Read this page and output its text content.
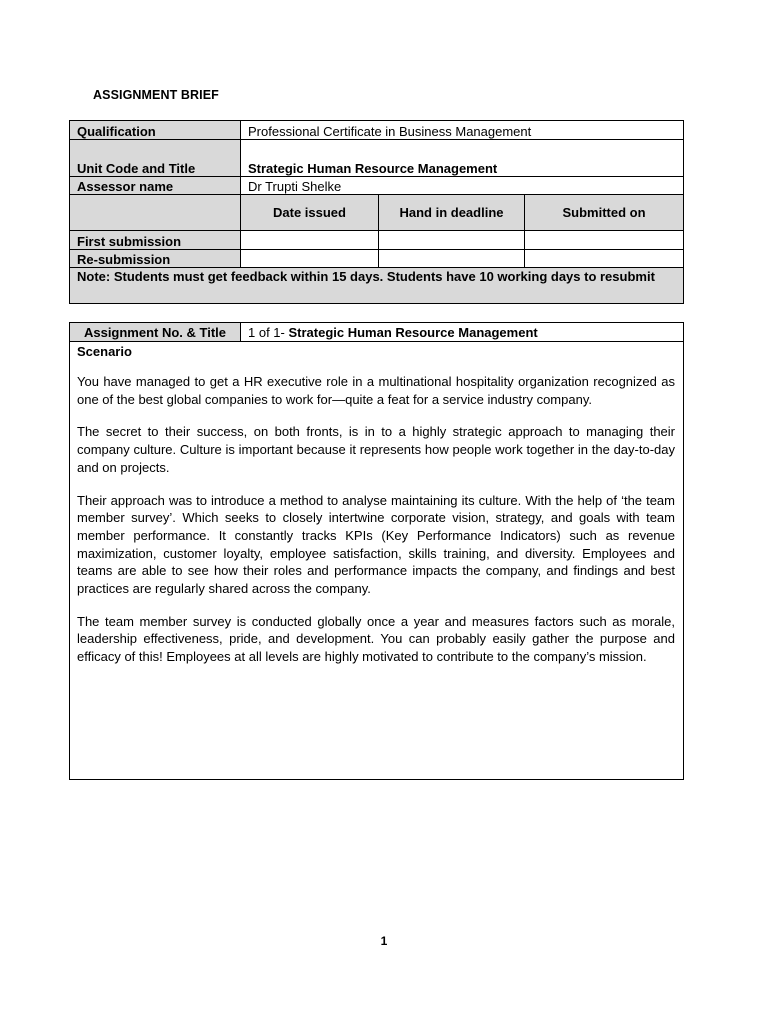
ASSIGNMENT BRIEF
Qualification	Professional Certificate in Business Management		
Unit Code and Title	Strategic Human Resource Management		
Assessor name	Dr Trupti Shelke		
	Date issued	Hand in deadline	Submitted on
First submission			
Re-submission			
Note: Students must get feedback within 15 days. Students have 10 working days to resubmit			
Assignment No. & Title	1 of 1- Strategic Human Resource Management

Scenario

You have managed to get a HR executive role in a multinational hospitality organization recognized as one of the best global companies to work for—quite a feat for a service industry company.

The secret to their success, on both fronts, is in to a highly strategic approach to managing their company culture. Culture is important because it represents how people work together in the day-to-day and on projects.

Their approach was to introduce a method to analyse maintaining its culture. With the help of ‘the team member survey’. Which seeks to closely intertwine corporate vision, strategy, and goals with team member performance. It constantly tracks KPIs (Key Performance Indicators) such as revenue maximization, customer loyalty, employee satisfaction, skills training, and diversity. Employees and teams are able to see how their roles and performance impacts the company, and findings and best practices are regularly shared across the company.

The team member survey is conducted globally once a year and measures factors such as morale, leadership effectiveness, pride, and development. You can probably easily gather the purpose and efficacy of this! Employees at all levels are highly motivated to contribute to the company’s mission.

1
